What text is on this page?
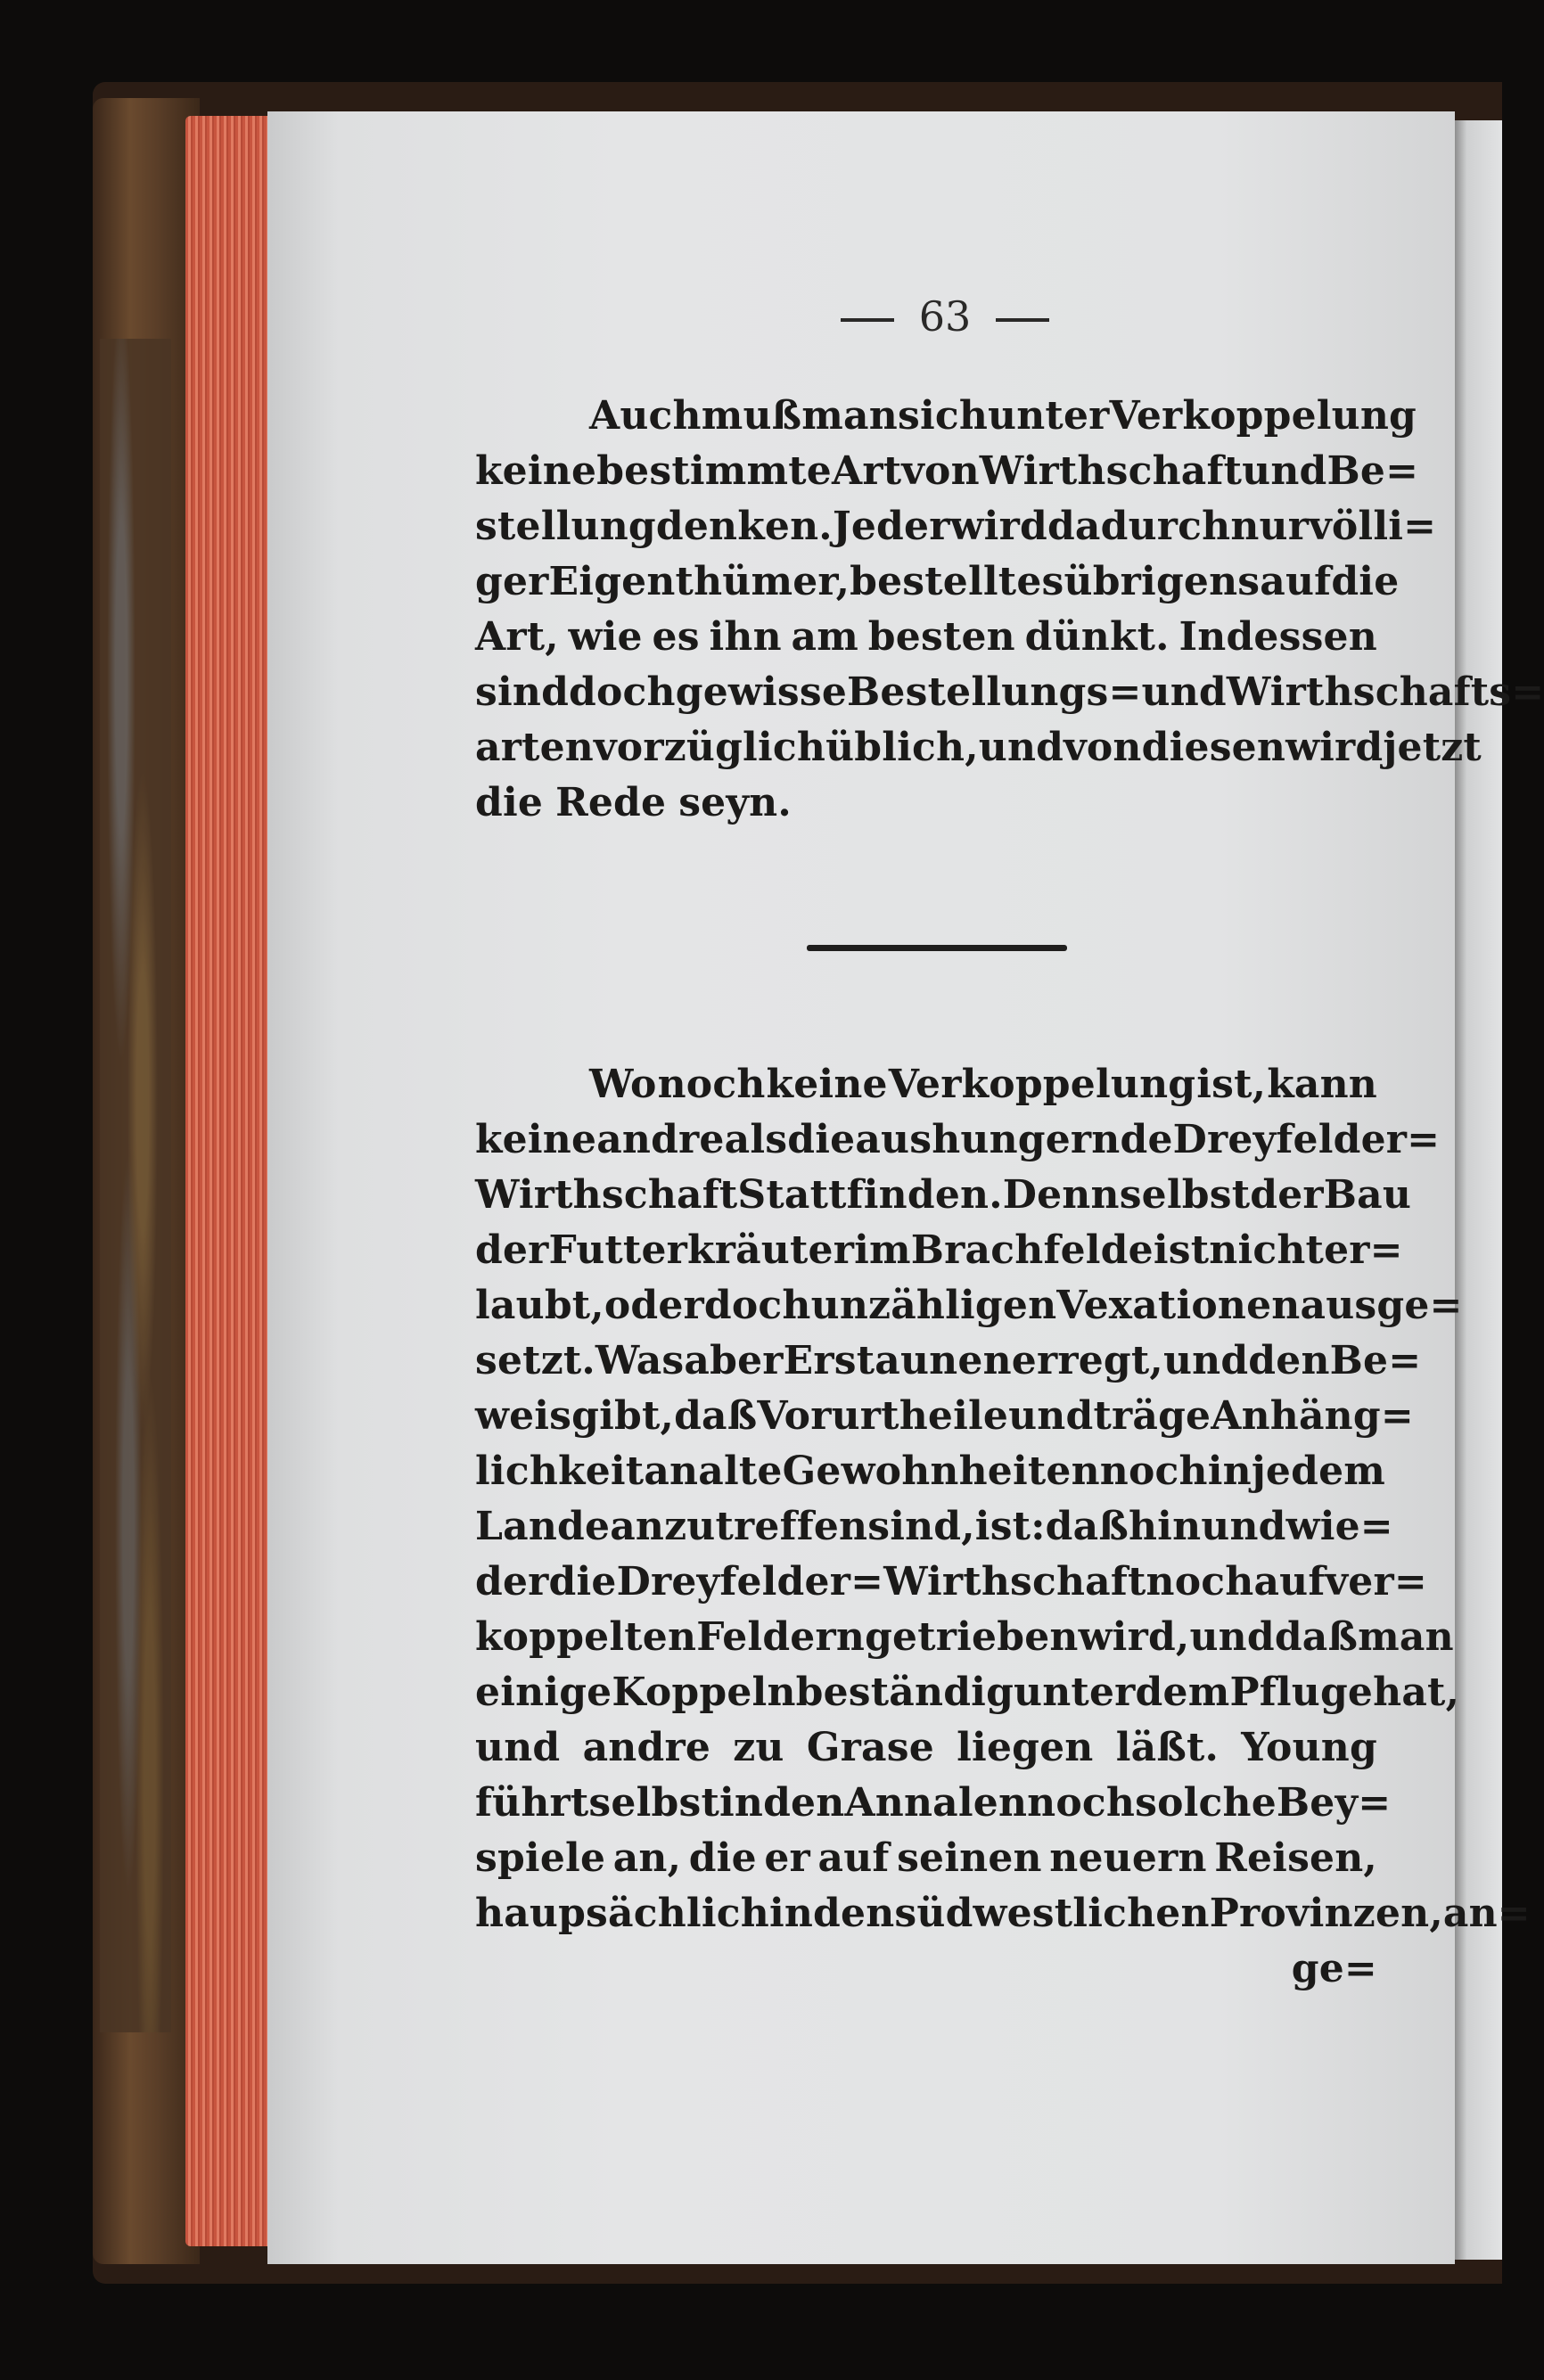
63
Auch muß man sich unter Verkoppelung
keine bestimmte Art von Wirthschaft und Be=
stellung denken. Jeder wird dadurch nur völli=
ger Eigenthümer, bestellt es übrigens auf die
Art, wie es ihn am besten dünkt. Indessen
sind doch gewisse Bestellungs= und Wirthschafts=
arten vorzüglich üblich, und von diesen wird jetzt
die Rede seyn.
Wo noch keine Verkoppelung ist, kann
keine andre als die aushungernde Dreyfelder=
Wirthschaft Statt finden. Denn selbst der Bau
der Futterkräuter im Brachfelde ist nicht er=
laubt, oder doch unzähligen Vexationen ausge=
setzt. Was aber Erstaunen erregt, und den Be=
weis gibt, daß Vorurtheile und träge Anhäng=
lichkeit an alte Gewohnheiten noch in jedem
Lande anzutreffen sind, ist: daß hin und wie=
der die Dreyfelder=Wirthschaft noch auf ver=
koppelten Feldern getrieben wird, und daß man
einige Koppeln beständig unter dem Pfluge hat,
und andre zu Grase liegen läßt. Young
führt selbst in den Annalen noch solche Bey=
spiele an, die er auf seinen neuern Reisen,
haupsächlich in den südwestlichen Provinzen, an=
ge=
